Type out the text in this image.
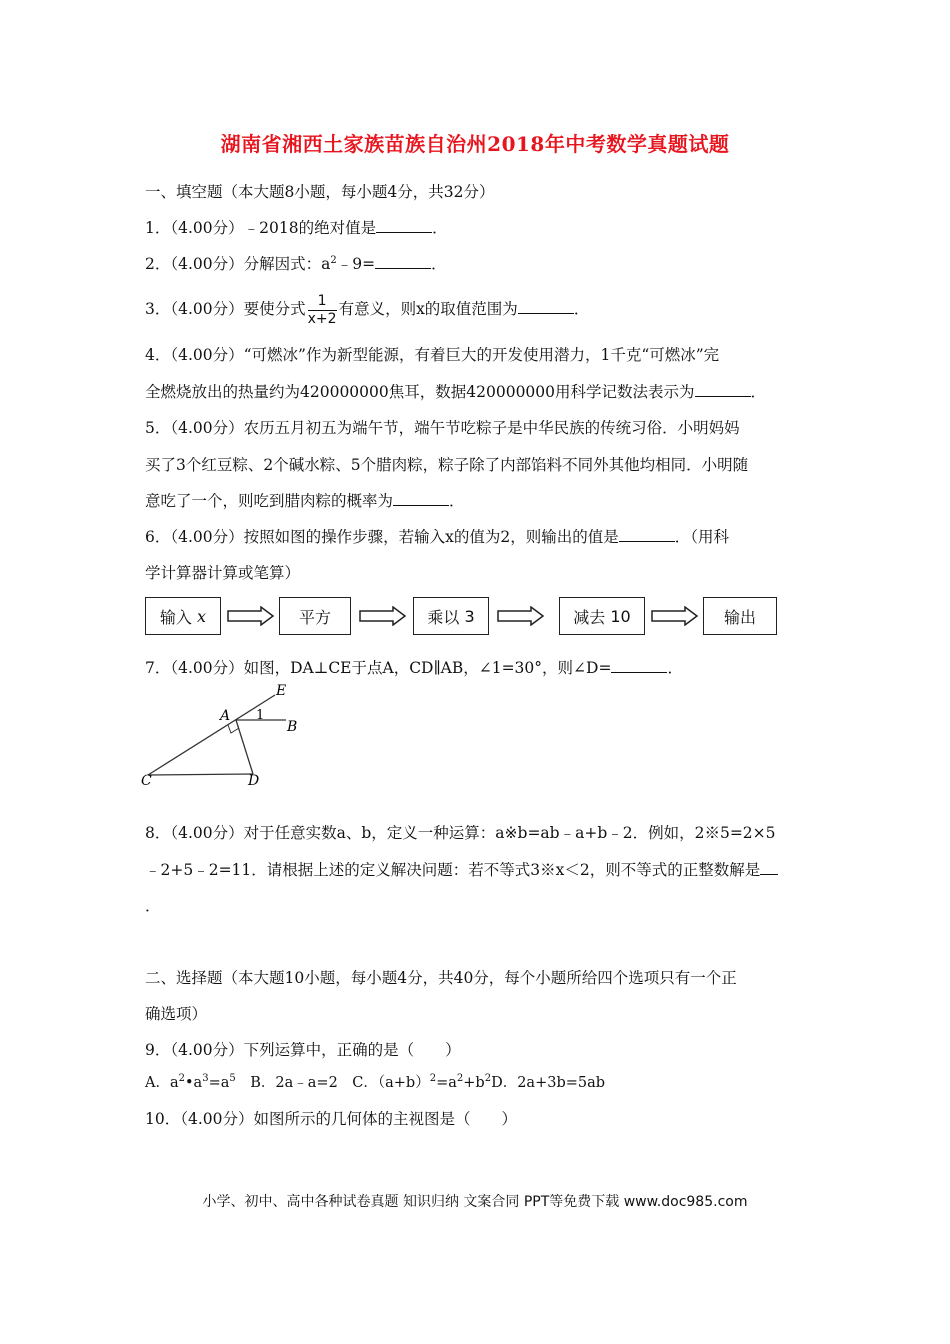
湖南省湘西土家族苗族自治州2018年中考数学真题试题
一、填空题（本大题8小题，每小题4分，共32分）
1．（4.00分）﹣2018的绝对值是	．
2．（4.00分）分解因式：$a^2﹣9=$	．
3．（4.00分）要使分式 $\frac{1}{x+2}$ 有意义，则x的取值范围为	．
4．（4.00分）“可燃冰”作为新型能源，有着巨大的开发使用潜力，1千克“可燃冰”完
全燃烧放出的热量约为420000000焦耳，数据420000000用科学记数法表示为	．
5．（4.00分）农历五月初五为端午节，端午节吃粽子是中华民族的传统习俗．小明妈妈
买了3个红豆粽、2个碱水粽、5个腊肉粽，粽子除了内部馅料不同外其他均相同．小明随
意吃了一个，则吃到腊肉粽的概率为	．
6．（4.00分）按照如图的操作步骤，若输入x的值为2，则输出的值是	．（用科
学计算器计算或笔算）
输入
x	平方	乘以
3	减去
10	输出
7．（4.00分）如图，DA⊥CE于点A，CD∥AB，∠1=30°，则∠D=	．
E
A 1
B
C	D
8．（4.00分）对于任意实数a、b，定义一种运算：a※b=ab﹣a+b﹣2．例如，2※5=2×5
﹣2+5﹣2=11．请根据上述的定义解决问题：若不等式3※x＜2，则不等式的正整数解是
．
二、选择题（本大题10小题，每小题4分，共40分，每个小题所给四个选项只有一个正
确选项）
9．（4.00分）下列运算中，正确的是（　　）
A．$a^2•a^3=a^5$　B．2a﹣a=2　C．$(a+b)^2=a^2+b^2D$．2a+3b=5ab
10．（4.00分）如图所示的几何体的主视图是（　　）
小学、初中、高中各种试卷真题 知识归纳 文案合同 PPT等免费下载 www.doc985.com
